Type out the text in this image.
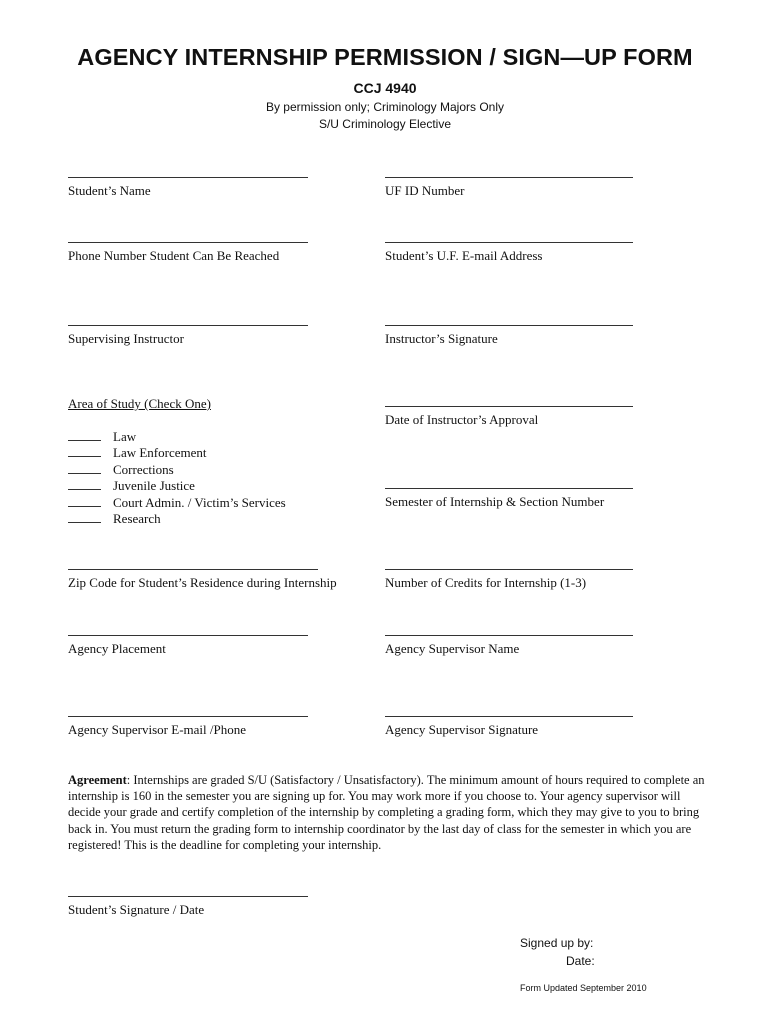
AGENCY INTERNSHIP PERMISSION / SIGN—UP FORM
CCJ 4940
By permission only; Criminology Majors Only
S/U Criminology Elective
Student’s Name	UF ID Number
Phone Number Student Can Be Reached	Student’s U.F. E-mail Address
Supervising Instructor	Instructor’s Signature
Area of Study (Check One)
Law
Law Enforcement
Corrections
Juvenile Justice
Court Admin. / Victim’s Services
Research
Date of Instructor’s Approval
Semester of Internship & Section Number
Zip Code for Student’s Residence during Internship	Number of Credits for Internship (1-3)
Agency Placement	Agency Supervisor Name
Agency Supervisor E-mail /Phone	Agency Supervisor Signature
Agreement: Internships are graded S/U (Satisfactory / Unsatisfactory). The minimum amount of hours required to complete an internship is 160 in the semester you are signing up for. You may work more if you choose to. Your agency supervisor will decide your grade and certify completion of the internship by completing a grading form, which they may give to you to bring back in. You must return the grading form to internship coordinator by the last day of class for the semester in which you are registered! This is the deadline for completing your internship.
Student’s Signature / Date
Signed up by:
Date:
Form Updated September 2010
